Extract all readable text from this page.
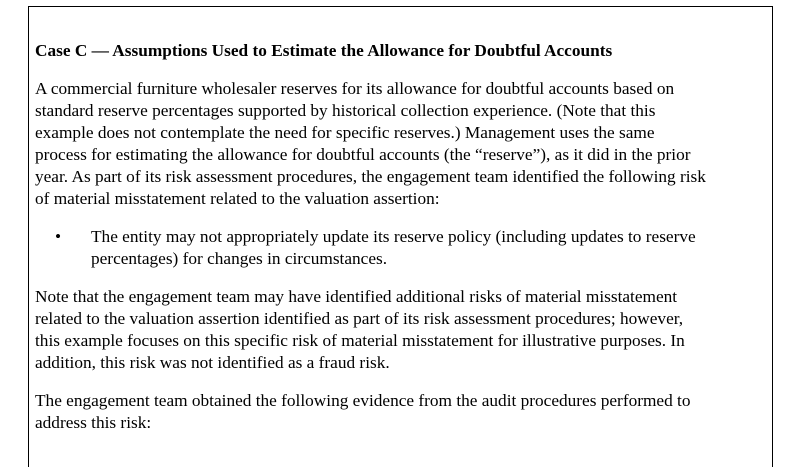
Case C — Assumptions Used to Estimate the Allowance for Doubtful Accounts

A commercial furniture wholesaler reserves for its allowance for doubtful accounts based on
standard reserve percentages supported by historical collection experience. (Note that this
example does not contemplate the need for specific reserves.) Management uses the same
process for estimating the allowance for doubtful accounts (the “reserve”), as it did in the prior
year. As part of its risk assessment procedures, the engagement team identified the following risk
of material misstatement related to the valuation assertion:

• The entity may not appropriately update its reserve policy (including updates to reserve
percentages) for changes in circumstances.

Note that the engagement team may have identified additional risks of material misstatement
related to the valuation assertion identified as part of its risk assessment procedures; however,
this example focuses on this specific risk of material misstatement for illustrative purposes. In
addition, this risk was not identified as a fraud risk.

The engagement team obtained the following evidence from the audit procedures performed to
address this risk:
